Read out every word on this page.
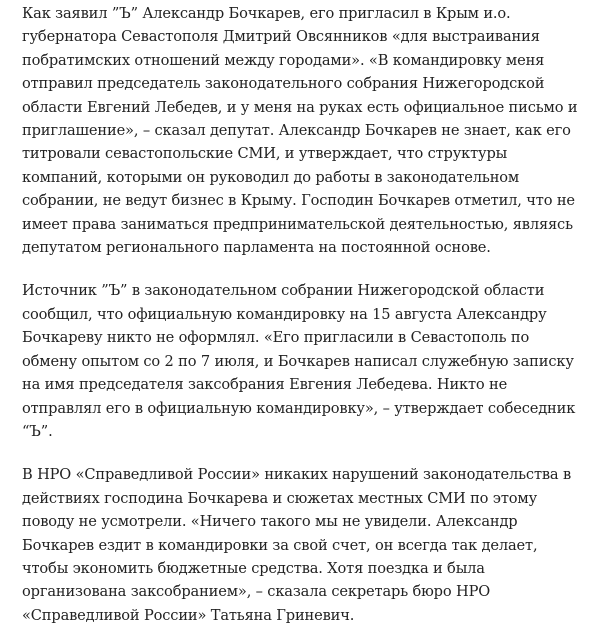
Как заявил ”Ъ” Александр Бочкарев, его пригласил в Крым и.о. губернатора Севастополя Дмитрий Овсянников «для выстраивания побратимских отношений между городами». «В командировку меня отправил председатель законодательного собрания Нижегородской области Евгений Лебедев, и у меня на руках есть официальное письмо и приглашение», – сказал депутат. Александр Бочкарев не знает, как его титровали севастопольские СМИ, и утверждает, что структуры компаний, которыми он руководил до работы в законодательном собрании, не ведут бизнес в Крыму. Господин Бочкарев отметил, что не имеет права заниматься предпринимательской деятельностью, являясь депутатом регионального парламента на постоянной основе.

Источник ”Ъ” в законодательном собрании Нижегородской области сообщил, что официальную командировку на 15 августа Александру Бочкареву никто не оформлял. «Его пригласили в Севастополь по обмену опытом со 2 по 7 июля, и Бочкарев написал служебную записку на имя председателя заксобрания Евгения Лебедева. Никто не отправлял его в официальную командировку», – утверждает собеседник “Ъ”.

В НРО «Справедливой России» никаких нарушений законодательства в действиях господина Бочкарева и сюжетах местных СМИ по этому поводу не усмотрели. «Ничего такого мы не увидели. Александр Бочкарев ездит в командировки за свой счет, он всегда так делает, чтобы экономить бюджетные средства. Хотя поездка и была организована заксобранием», – сказала секретарь бюро НРО «Справедливой России» Татьяна Гриневич.
